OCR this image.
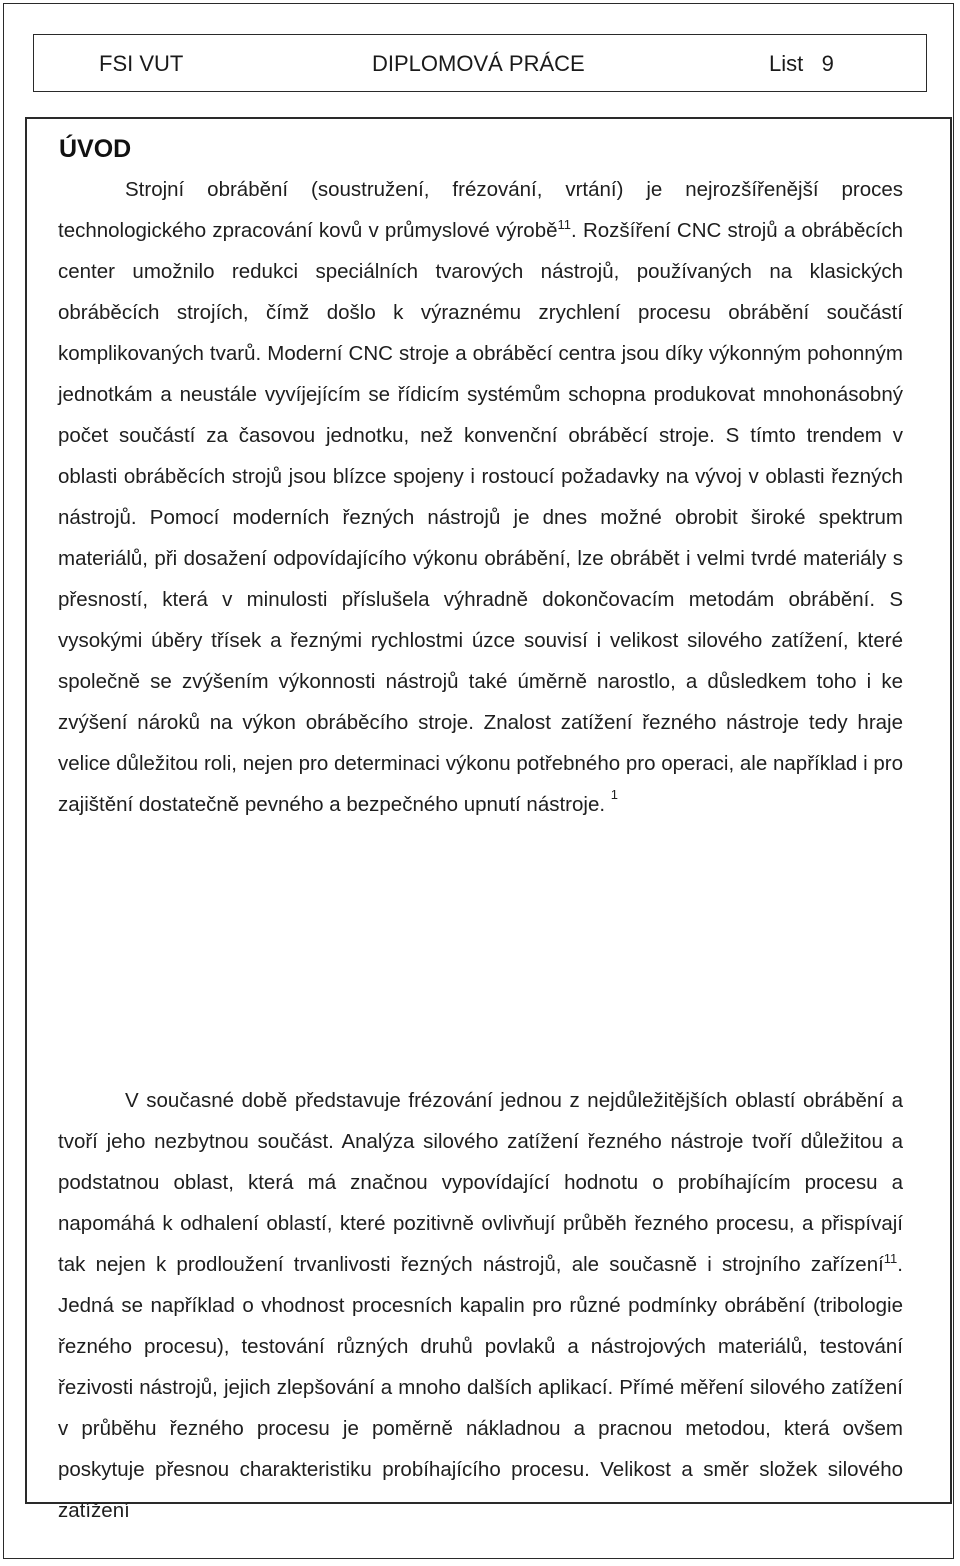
FSI VUT	DIPLOMOVÁ PRÁCE	List   9
ÚVOD

Strojní obrábění (soustružení, frézování, vrtání) je nejrozšířenější proces technologického zpracování kovů v průmyslové výrobě$^{11}$. Rozšíření CNC strojů a obráběcích center umožnilo redukci speciálních tvarových nástrojů, používaných na klasických obráběcích strojích, čímž došlo k výraznému zrychlení procesu obrábění součástí komplikovaných tvarů. Moderní CNC stroje a obráběcí centra jsou díky výkonným pohonným jednotkám a neustále vyvíjejícím se řídicím systémům schopna produkovat mnohonásobný počet součástí za časovou jednotku, než konvenční obráběcí stroje. S tímto trendem v oblasti obráběcích strojů jsou blízce spojeny i rostoucí požadavky na vývoj v oblasti řezných nástrojů. Pomocí moderních řezných nástrojů je dnes možné obrobit široké spektrum materiálů, při dosažení odpovídajícího výkonu obrábění, lze obrábět i velmi tvrdé materiály s přesností, která v minulosti příslušela výhradně dokončovacím metodám obrábění. S vysokými úběry třísek a řeznými rychlostmi úzce souvisí i velikost silového zatížení, které společně se zvýšením výkonnosti nástrojů také úměrně narostlo, a důsledkem toho i ke zvýšení nároků na výkon obráběcího stroje. Znalost zatížení řezného nástroje tedy hraje velice důležitou roli, nejen pro determinaci výkonu potřebného pro operaci, ale například i pro zajištění dostatečně pevného a bezpečného upnutí nástroje. $^1$

V současné době představuje frézování jednou z nejdůležitějších oblastí obrábění a tvoří jeho nezbytnou součást. Analýza silového zatížení řezného nástroje tvoří důležitou a podstatnou oblast, která má značnou vypovídající hodnotu o probíhajícím procesu a napomáhá k odhalení oblastí, které pozitivně ovlivňují průběh řezného procesu, a přispívají tak nejen k prodloužení trvanlivosti řezných nástrojů, ale současně i strojního zařízení$^{11}$. Jedná se například o vhodnost procesních kapalin pro různé podmínky obrábění (tribologie řezného procesu), testování různých druhů povlaků a nástrojových materiálů, testování řezivosti nástrojů, jejich zlepšování a mnoho dalších aplikací. Přímé měření silového zatížení v průběhu řezného procesu je poměrně nákladnou a pracnou metodou, která ovšem poskytuje přesnou charakteristiku probíhajícího procesu. Velikost a směr složek silového zatížení
